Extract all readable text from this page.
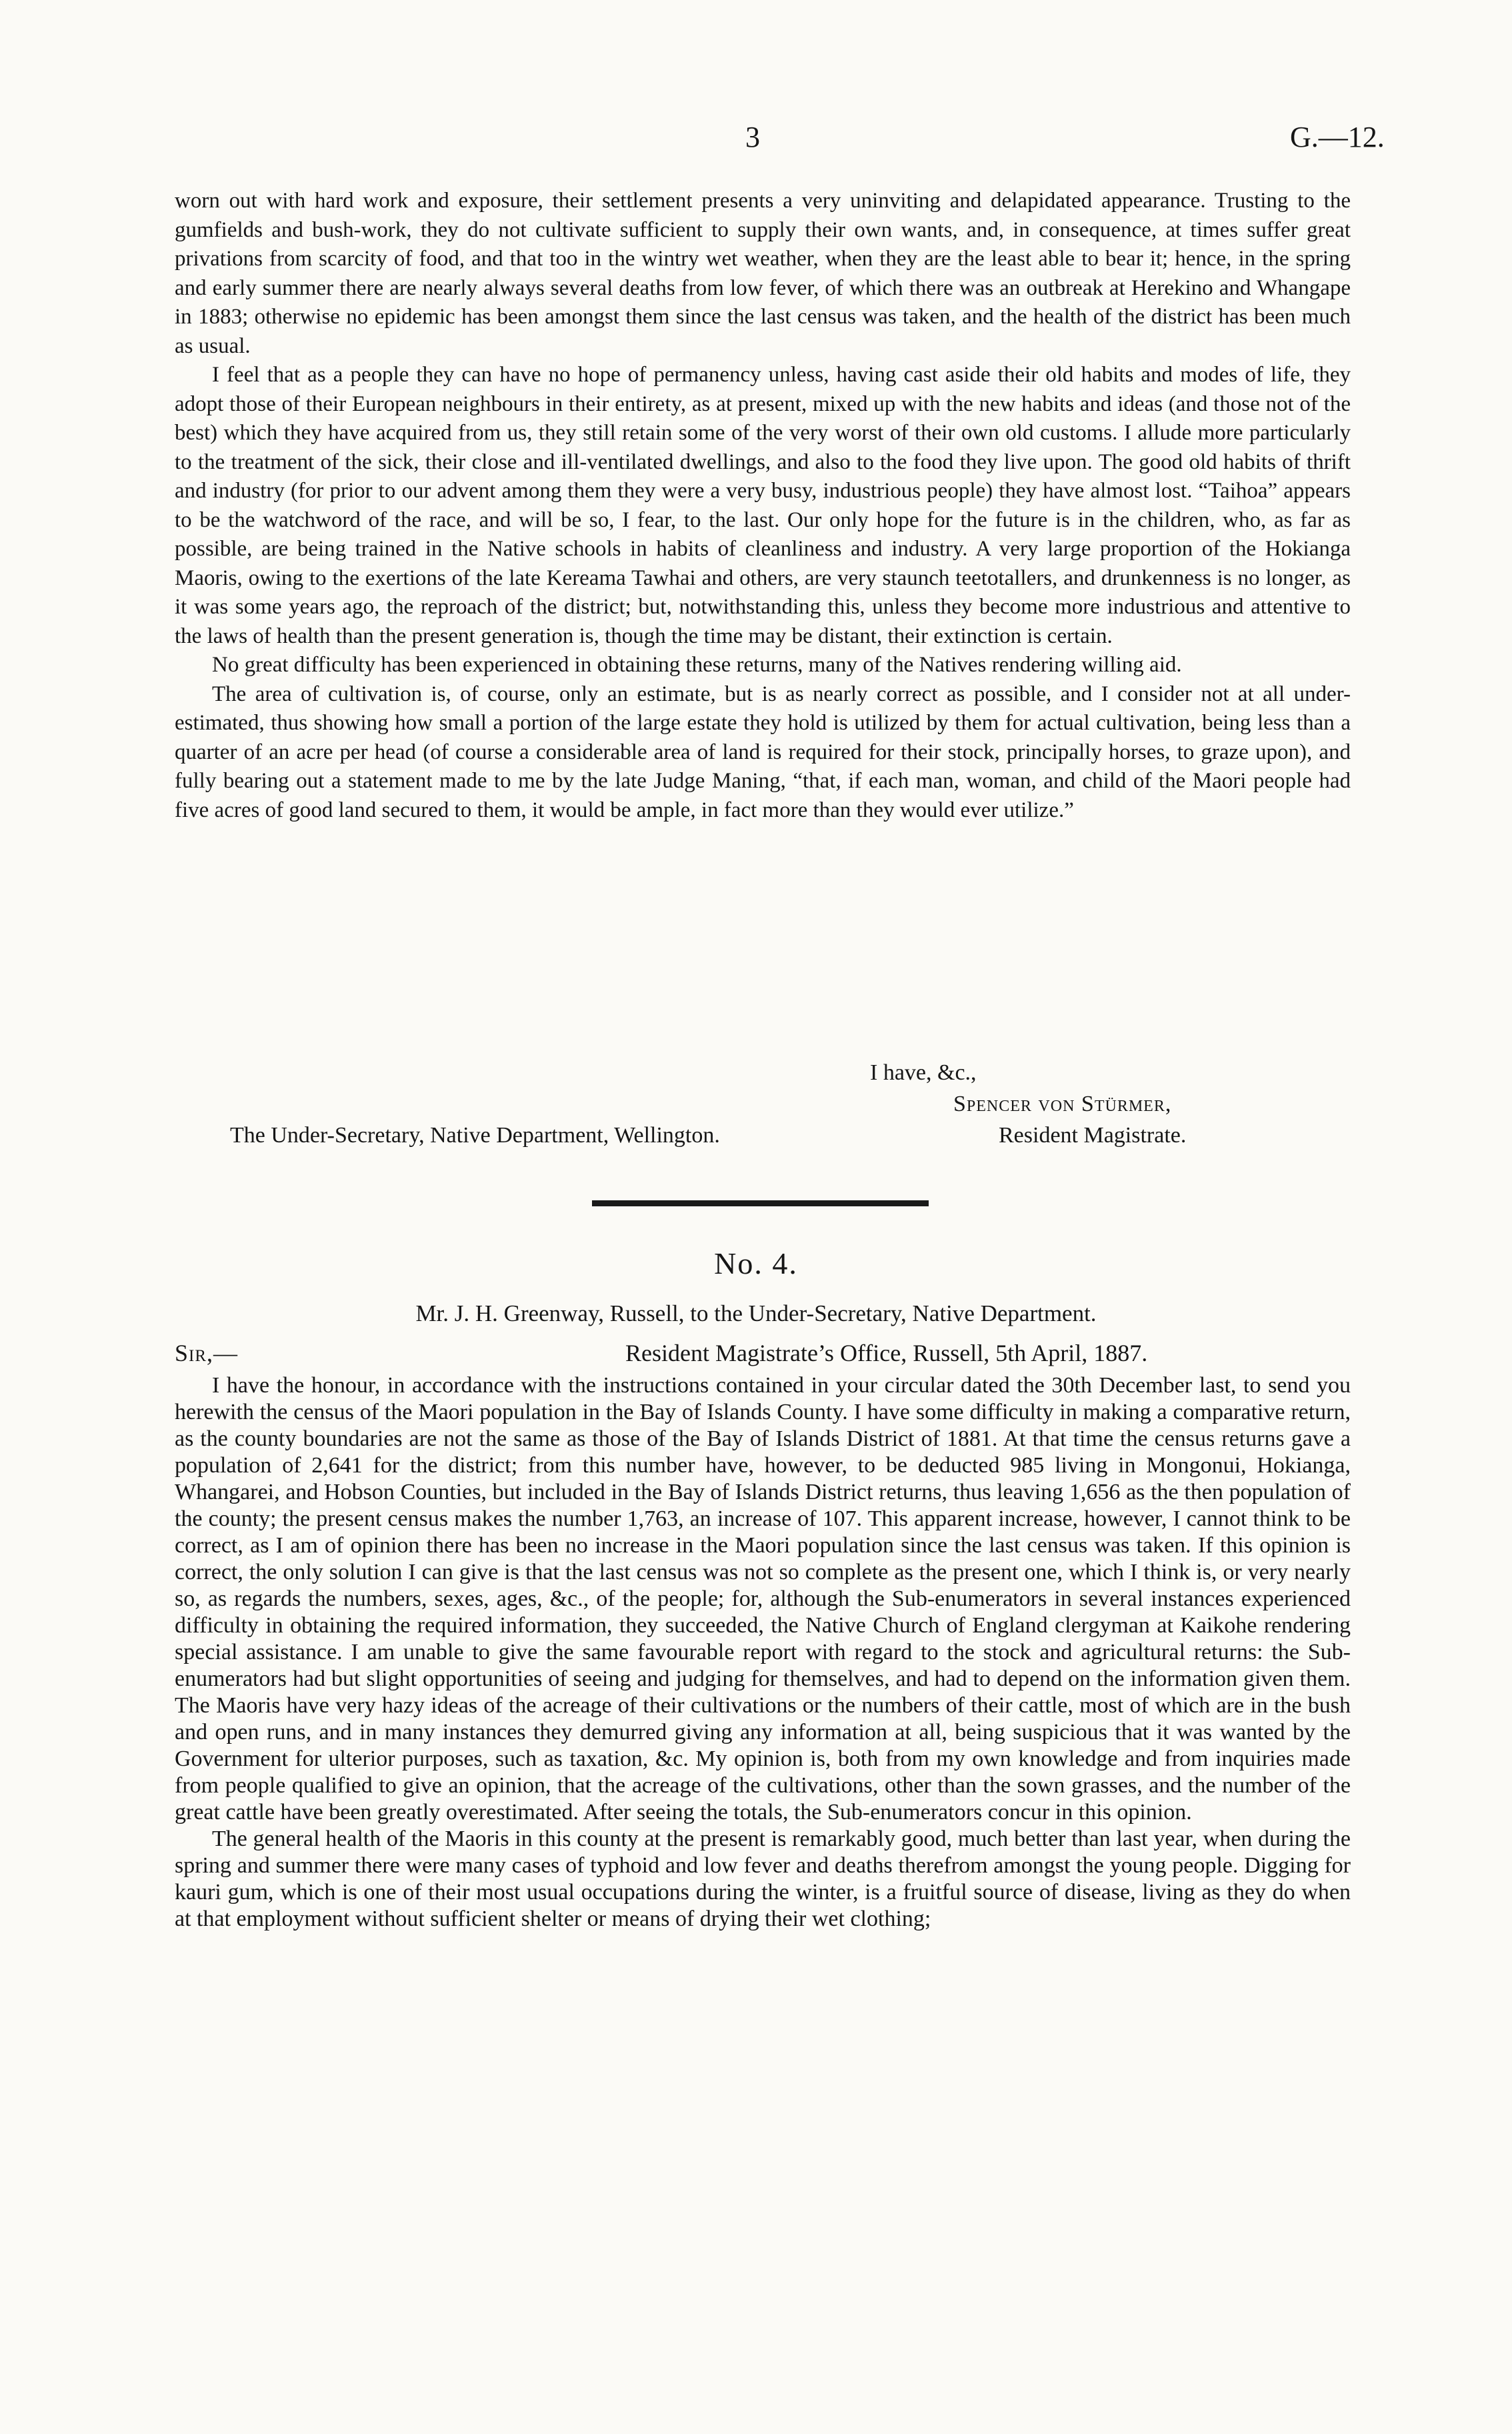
3	G.—12.

worn out with hard work and exposure, their settlement presents a very uninviting and delapidated appearance. Trusting to the gumfields and bush-work, they do not cultivate sufficient to supply their own wants, and, in consequence, at times suffer great privations from scarcity of food, and that too in the wintry wet weather, when they are the least able to bear it; hence, in the spring and early summer there are nearly always several deaths from low fever, of which there was an outbreak at Herekino and Whangape in 1883; otherwise no epidemic has been amongst them since the last census was taken, and the health of the district has been much as usual.

I feel that as a people they can have no hope of permanency unless, having cast aside their old habits and modes of life, they adopt those of their European neighbours in their entirety, as at present, mixed up with the new habits and ideas (and those not of the best) which they have acquired from us, they still retain some of the very worst of their own old customs. I allude more particularly to the treatment of the sick, their close and ill-ventilated dwellings, and also to the food they live upon. The good old habits of thrift and industry (for prior to our advent among them they were a very busy, industrious people) they have almost lost. “Taihoa” appears to be the watchword of the race, and will be so, I fear, to the last. Our only hope for the future is in the children, who, as far as possible, are being trained in the Native schools in habits of cleanliness and industry. A very large proportion of the Hokianga Maoris, owing to the exertions of the late Kereama Tawhai and others, are very staunch teetotallers, and drunkenness is no longer, as it was some years ago, the reproach of the district; but, notwithstanding this, unless they become more industrious and attentive to the laws of health than the present generation is, though the time may be distant, their extinction is certain.

No great difficulty has been experienced in obtaining these returns, many of the Natives rendering willing aid.

The area of cultivation is, of course, only an estimate, but is as nearly correct as possible, and I consider not at all under-estimated, thus showing how small a portion of the large estate they hold is utilized by them for actual cultivation, being less than a quarter of an acre per head (of course a considerable area of land is required for their stock, principally horses, to graze upon), and fully bearing out a statement made to me by the late Judge Maning, “that, if each man, woman, and child of the Maori people had five acres of good land secured to them, it would be ample, in fact more than they would ever utilize.”

I have, &c.,
Spencer von Stürmer,
The Under-Secretary, Native Department, Wellington.	Resident Magistrate.
No. 4.
Mr. J. H. Greenway, Russell, to the Under-Secretary, Native Department.
Sir,—	Resident Magistrate’s Office, Russell, 5th April, 1887.

I have the honour, in accordance with the instructions contained in your circular dated the 30th December last, to send you herewith the census of the Maori population in the Bay of Islands County. I have some difficulty in making a comparative return, as the county boundaries are not the same as those of the Bay of Islands District of 1881. At that time the census returns gave a population of 2,641 for the district; from this number have, however, to be deducted 985 living in Mongonui, Hokianga, Whangarei, and Hobson Counties, but included in the Bay of Islands District returns, thus leaving 1,656 as the then population of the county; the present census makes the number 1,763, an increase of 107. This apparent increase, however, I cannot think to be correct, as I am of opinion there has been no increase in the Maori population since the last census was taken. If this opinion is correct, the only solution I can give is that the last census was not so complete as the present one, which I think is, or very nearly so, as regards the numbers, sexes, ages, &c., of the people; for, although the Sub-enumerators in several instances experienced difficulty in obtaining the required information, they succeeded, the Native Church of England clergyman at Kaikohe rendering special assistance. I am unable to give the same favourable report with regard to the stock and agricultural returns: the Sub-enumerators had but slight opportunities of seeing and judging for themselves, and had to depend on the information given them. The Maoris have very hazy ideas of the acreage of their cultivations or the numbers of their cattle, most of which are in the bush and open runs, and in many instances they demurred giving any information at all, being suspicious that it was wanted by the Government for ulterior purposes, such as taxation, &c. My opinion is, both from my own knowledge and from inquiries made from people qualified to give an opinion, that the acreage of the cultivations, other than the sown grasses, and the number of the great cattle have been greatly overestimated. After seeing the totals, the Sub-enumerators concur in this opinion.

The general health of the Maoris in this county at the present is remarkably good, much better than last year, when during the spring and summer there were many cases of typhoid and low fever and deaths therefrom amongst the young people. Digging for kauri gum, which is one of their most usual occupations during the winter, is a fruitful source of disease, living as they do when at that employment without sufficient shelter or means of drying their wet clothing;
